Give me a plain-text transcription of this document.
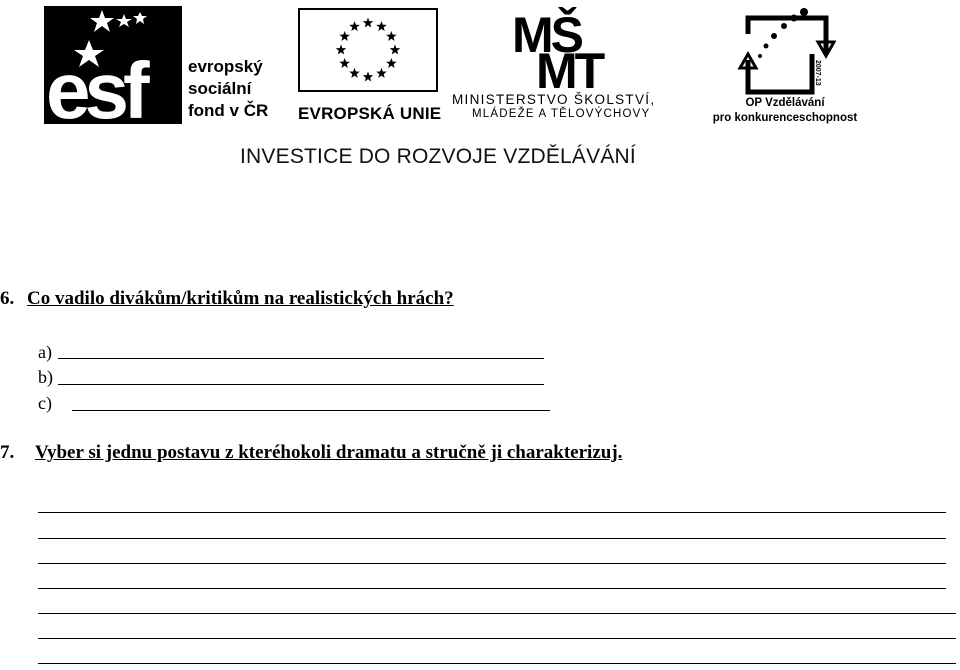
esf	evropský
sociální
fond v ČR EVROPSKÁ UNIE
MŠ
MT
MINISTERSTVO ŠKOLSTVÍ,
MLÁDEŽE A TĚLOVÝCHOVY
2007-13
OP Vzdělávání
pro konkurenceschopnost
INVESTICE DO ROZVOJE VZDĚLÁVÁNÍ
6. Co vadilo divákům/kritikům na realistických hrách?
a)
b)
c)
7. Vyber si jednu postavu z kteréhokoli dramatu a stručně ji charakterizuj.
